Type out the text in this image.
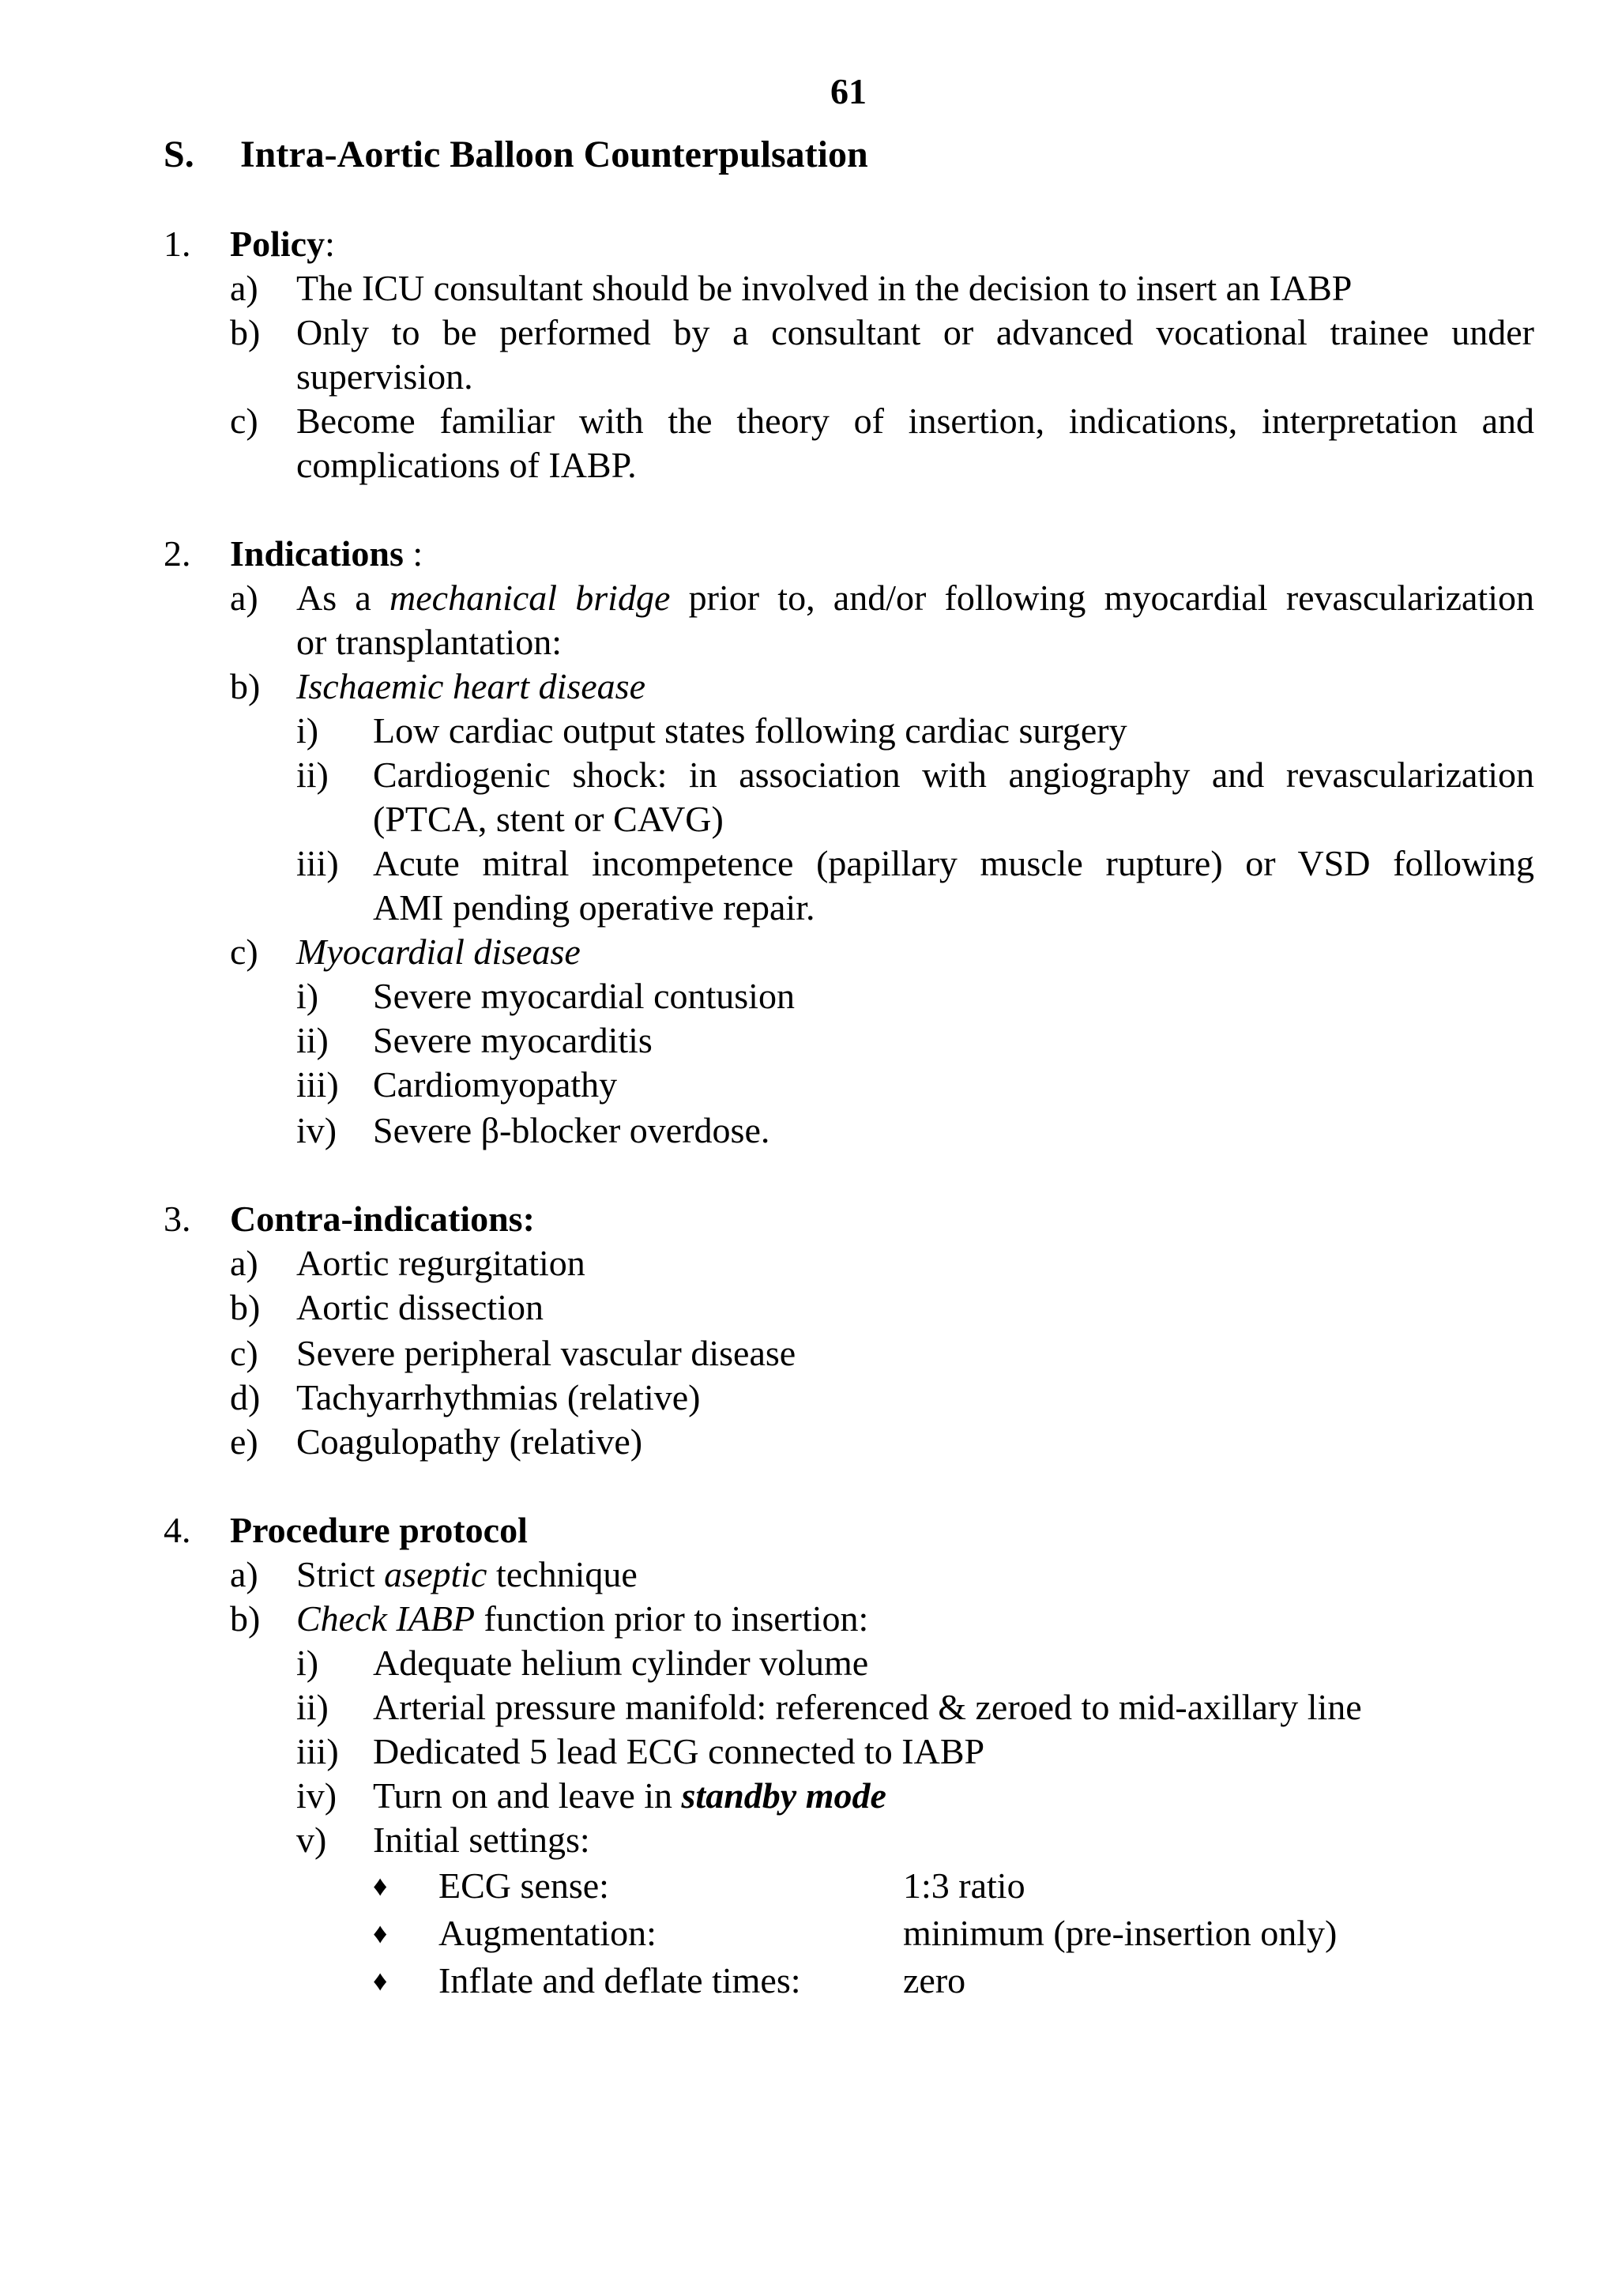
61
S. Intra-Aortic Balloon Counterpulsation
1. Policy:
a) The ICU consultant should be involved in the decision to insert an IABP
b) Only to be performed by a consultant or advanced vocational trainee under
supervision.
c) Become familiar with the theory of insertion, indications, interpretation and
complications of IABP.
2. Indications :
a) As a mechanical bridge prior to, and/or following myocardial revascularization
or transplantation:
b) Ischaemic heart disease
i) Low cardiac output states following cardiac surgery
ii) Cardiogenic shock: in association with angiography and revascularization
(PTCA, stent or CAVG)
iii) Acute mitral incompetence (papillary muscle rupture) or VSD following
AMI pending operative repair.
c) Myocardial disease
i) Severe myocardial contusion
ii) Severe myocarditis
iii) Cardiomyopathy
iv) Severe β-blocker overdose.
3. Contra-indications:
a) Aortic regurgitation
b) Aortic dissection
c) Severe peripheral vascular disease
d) Tachyarrhythmias (relative)
e) Coagulopathy (relative)
4. Procedure protocol
a) Strict aseptic technique
b) Check IABP function prior to insertion:
i) Adequate helium cylinder volume
ii) Arterial pressure manifold: referenced & zeroed to mid-axillary line
iii) Dedicated 5 lead ECG connected to IABP
iv) Turn on and leave in standby mode
v) Initial settings:
♦ ECG sense:	1:3 ratio
♦ Augmentation:	minimum (pre-insertion only)
♦ Inflate and deflate times:	zero
